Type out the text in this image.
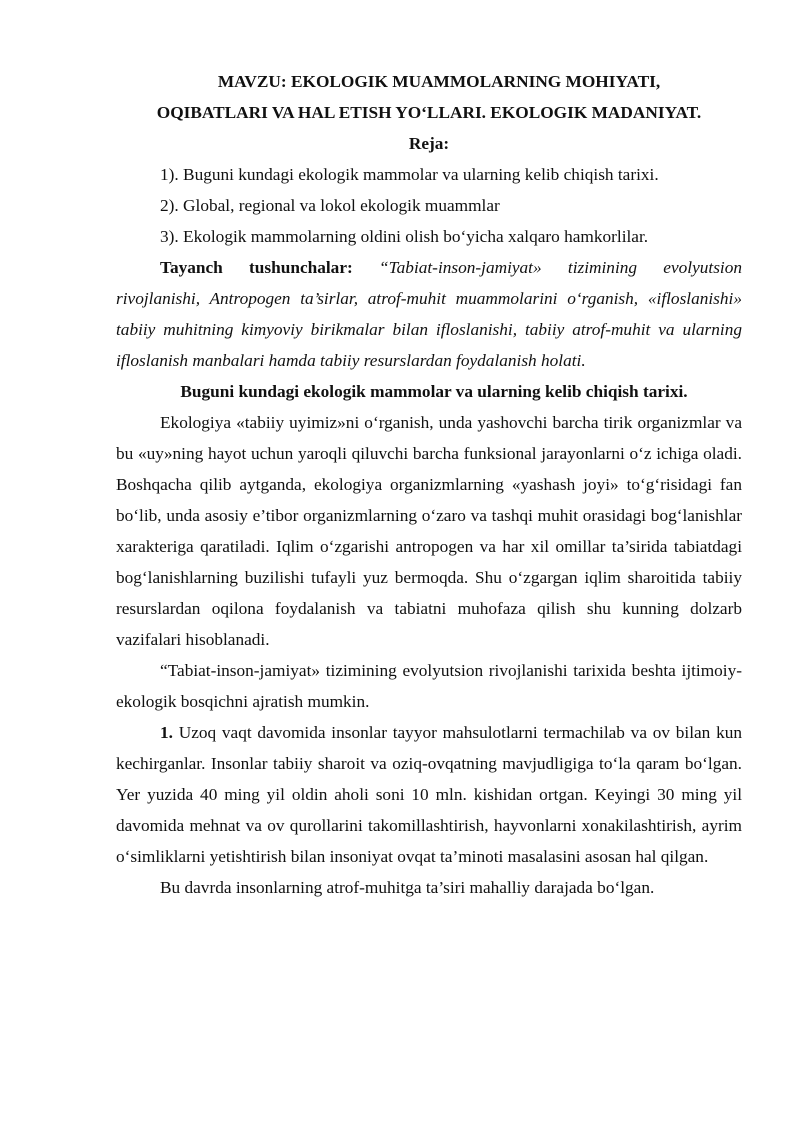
MAVZU: EKOLOGIK MUAMMOLARNING MOHIYATI,
OQIBATLARI VA HAL ETISH YO‘LLARI. EKOLOGIK MADANIYAT.
Reja:
1). Buguni kundagi ekologik mammolar va ularning kelib chiqish tarixi.
2). Global, regional va lokol ekologik muammlar
3). Ekologik mammolarning oldini olish bo‘yicha xalqaro hamkorlilar.

Tayanch tushunchalar: “Tabiat-inson-jamiyat» tizimining evolyutsion rivojlanishi, Antropogen ta’sirlar, atrof-muhit muammolarini o‘rganish, «ifloslanishi» tabiiy muhitning kimyoviy birikmalar bilan ifloslanishi, tabiiy atrof-muhit va ularning ifloslanish manbalari hamda tabiiy resurslardan foydalanish holati.

Buguni kundagi ekologik mammolar va ularning kelib chiqish tarixi.

Ekologiya «tabiiy uyimiz»ni o‘rganish, unda yashovchi barcha tirik organizmlar va bu «uy»ning hayot uchun yaroqli qiluvchi barcha funksional jarayonlarni o‘z ichiga oladi. Boshqacha qilib aytganda, ekologiya organizmlarning «yashash joyi» to‘g‘risidagi fan bo‘lib, unda asosiy e’tibor organizmlarning o‘zaro va tashqi muhit orasidagi bog‘lanishlar xarakteriga qaratiladi. Iqlim o‘zgarishi antropogen va har xil omillar ta’sirida tabiatdagi bog‘lanishlarning buzilishi tufayli yuz bermoqda. Shu o‘zgargan iqlim sharoitida tabiiy resurslardan oqilona foydalanish va tabiatni muhofaza qilish shu kunning dolzarb vazifalari hisoblanadi.

“Tabiat-inson-jamiyat» tizimining evolyutsion rivojlanishi tarixida beshta ijtimoiy-ekologik bosqichni ajratish mumkin.

1. Uzoq vaqt davomida insonlar tayyor mahsulotlarni termachilab va ov bilan kun kechirganlar. Insonlar tabiiy sharoit va oziq-ovqatning mavjudligiga to‘la qaram bo‘lgan. Yer yuzida 40 ming yil oldin aholi soni 10 mln. kishidan ortgan. Keyingi 30 ming yil davomida mehnat va ov qurollarini takomillashtirish, hayvonlarni xonakilashtirish, ayrim o‘simliklarni yetishtirish bilan insoniyat ovqat ta’minoti masalasini asosan hal qilgan.

Bu davrda insonlarning atrof-muhitga ta’siri mahalliy darajada bo‘lgan.
